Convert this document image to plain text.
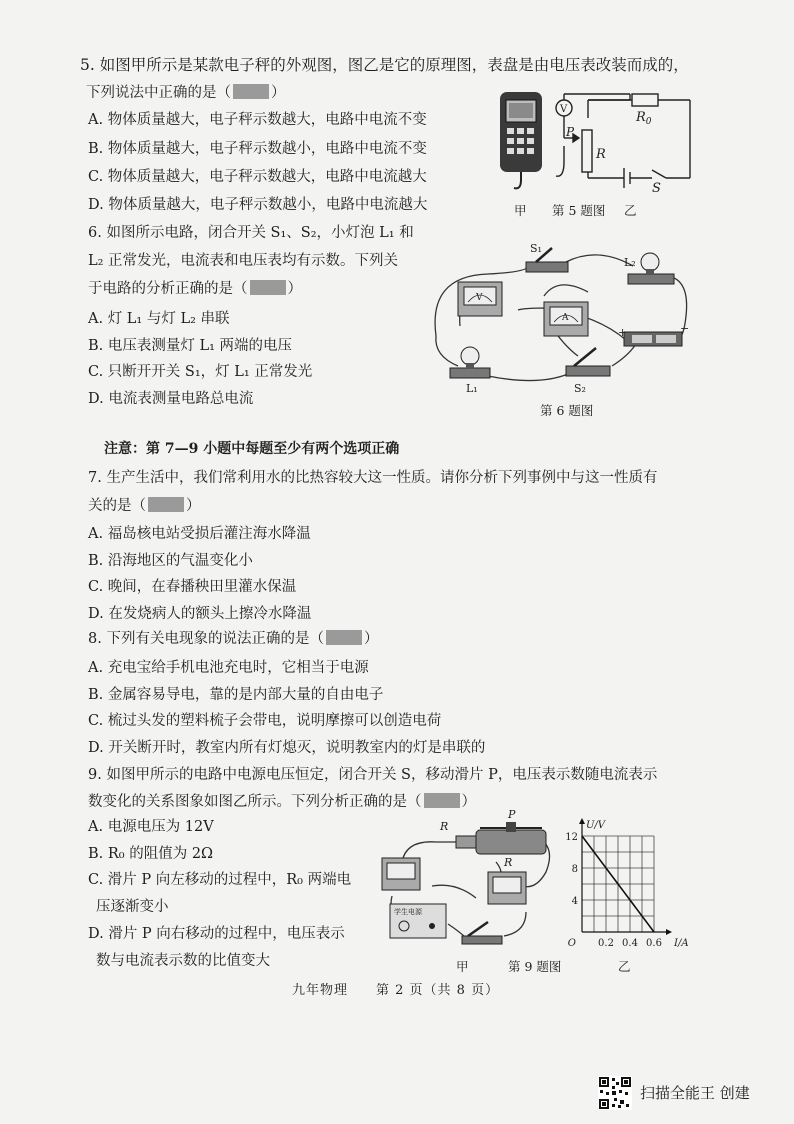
5. 如图甲所示是某款电子秤的外观图，图乙是它的原理图，表盘是由电压表改装而成的，
下列说法中正确的是（	）
A. 物体质量越大，电子秤示数越大，电路中电流不变
B. 物体质量越大，电子秤示数越小，电路中电流不变
C. 物体质量越大，电子秤示数越大，电路中电流越大
D. 物体质量越大，电子秤示数越小，电路中电流越大
V
P
R
$R_0$
S
甲 第 5 题图 乙
6. 如图所示电路，闭合开关 S₁、S₂，小灯泡 L₁ 和
L₂ 正常发光，电流表和电压表均有示数。下列关
于电路的分析正确的是（	）
A. 灯 L₁ 与灯 L₂ 串联
B. 电压表测量灯 L₁ 两端的电压
C. 只断开开关 S₁，灯 L₁ 正常发光
D. 电流表测量电路总电流
S₁
L₂
V
A
+	−
L₁	S₂
第 6 题图
注意：第 7—9 小题中每题至少有两个选项正确
7. 生产生活中，我们常利用水的比热容较大这一性质。请你分析下列事例中与这一性质有
关的是（	）
A. 福岛核电站受损后灌注海水降温
B. 沿海地区的气温变化小
C. 晚间，在春播秧田里灌水保温
D. 在发烧病人的额头上擦冷水降温
8. 下列有关电现象的说法正确的是（	）
A. 充电宝给手机电池充电时，它相当于电源
B. 金属容易导电，靠的是内部大量的自由电子
C. 梳过头发的塑料梳子会带电，说明摩擦可以创造电荷
D. 开关断开时，教室内所有灯熄灭，说明教室内的灯是串联的
9. 如图甲所示的电路中电源电压恒定，闭合开关 S，移动滑片 P，电压表示数随电流表示
数变化的关系图象如图乙所示。下列分析正确的是（	）
A. 电源电压为 12V
B. R₀ 的阻值为 2Ω
C. 滑片 P 向左移动的过程中，R₀ 两端电
压逐渐变小
D. 滑片 P 向右移动的过程中，电压表示
数与电流表示数的比值变大
R
P
R
学生电源
4
8
12
0.2 0.4 0.6
O
U/V
I/A
甲	第 9 题图	乙
九年物理　　第 2 页（共 8 页）
扫描全能王 创建
